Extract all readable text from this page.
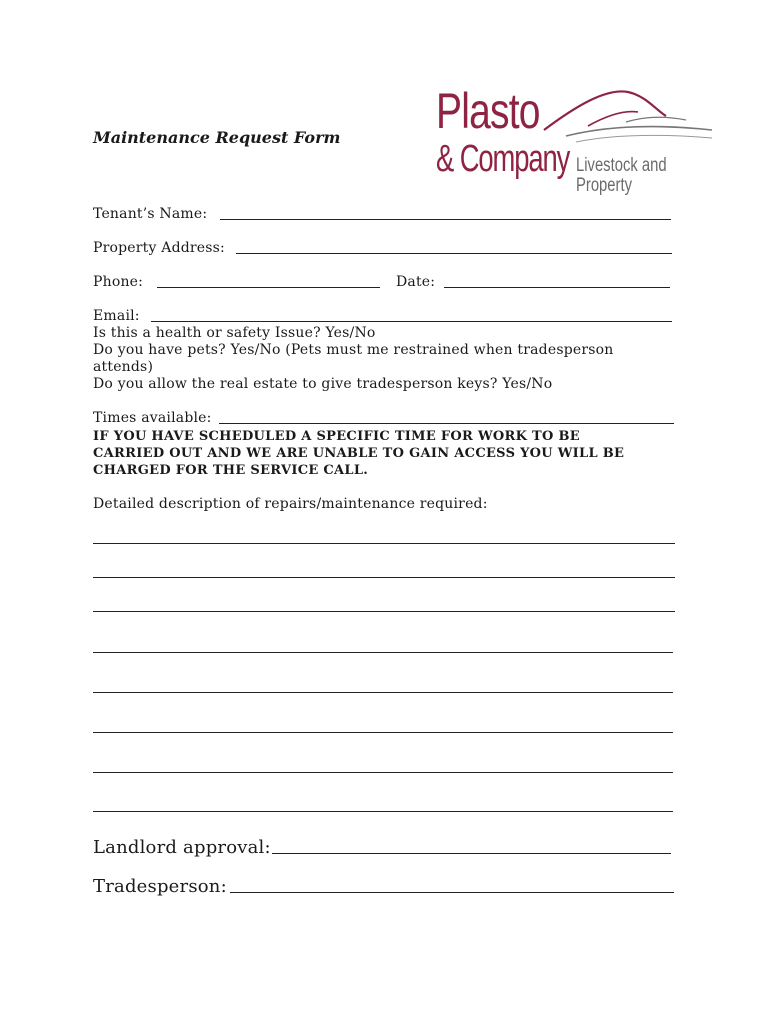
Maintenance Request Form Plasto
& Company Livestock and Property
Tenant’s Name:
Property Address:
Phone:	Date:
Email:
Is this a health or safety Issue? Yes/No
Do you have pets? Yes/No (Pets must me restrained when tradesperson
attends)
Do you allow the real estate to give tradesperson keys? Yes/No
Times available:
IF YOU HAVE SCHEDULED A SPECIFIC TIME FOR WORK TO BE
CARRIED OUT AND WE ARE UNABLE TO GAIN ACCESS YOU WILL BE
CHARGED FOR THE SERVICE CALL.
Detailed description of repairs/maintenance required:
Landlord approval:
Tradesperson:
